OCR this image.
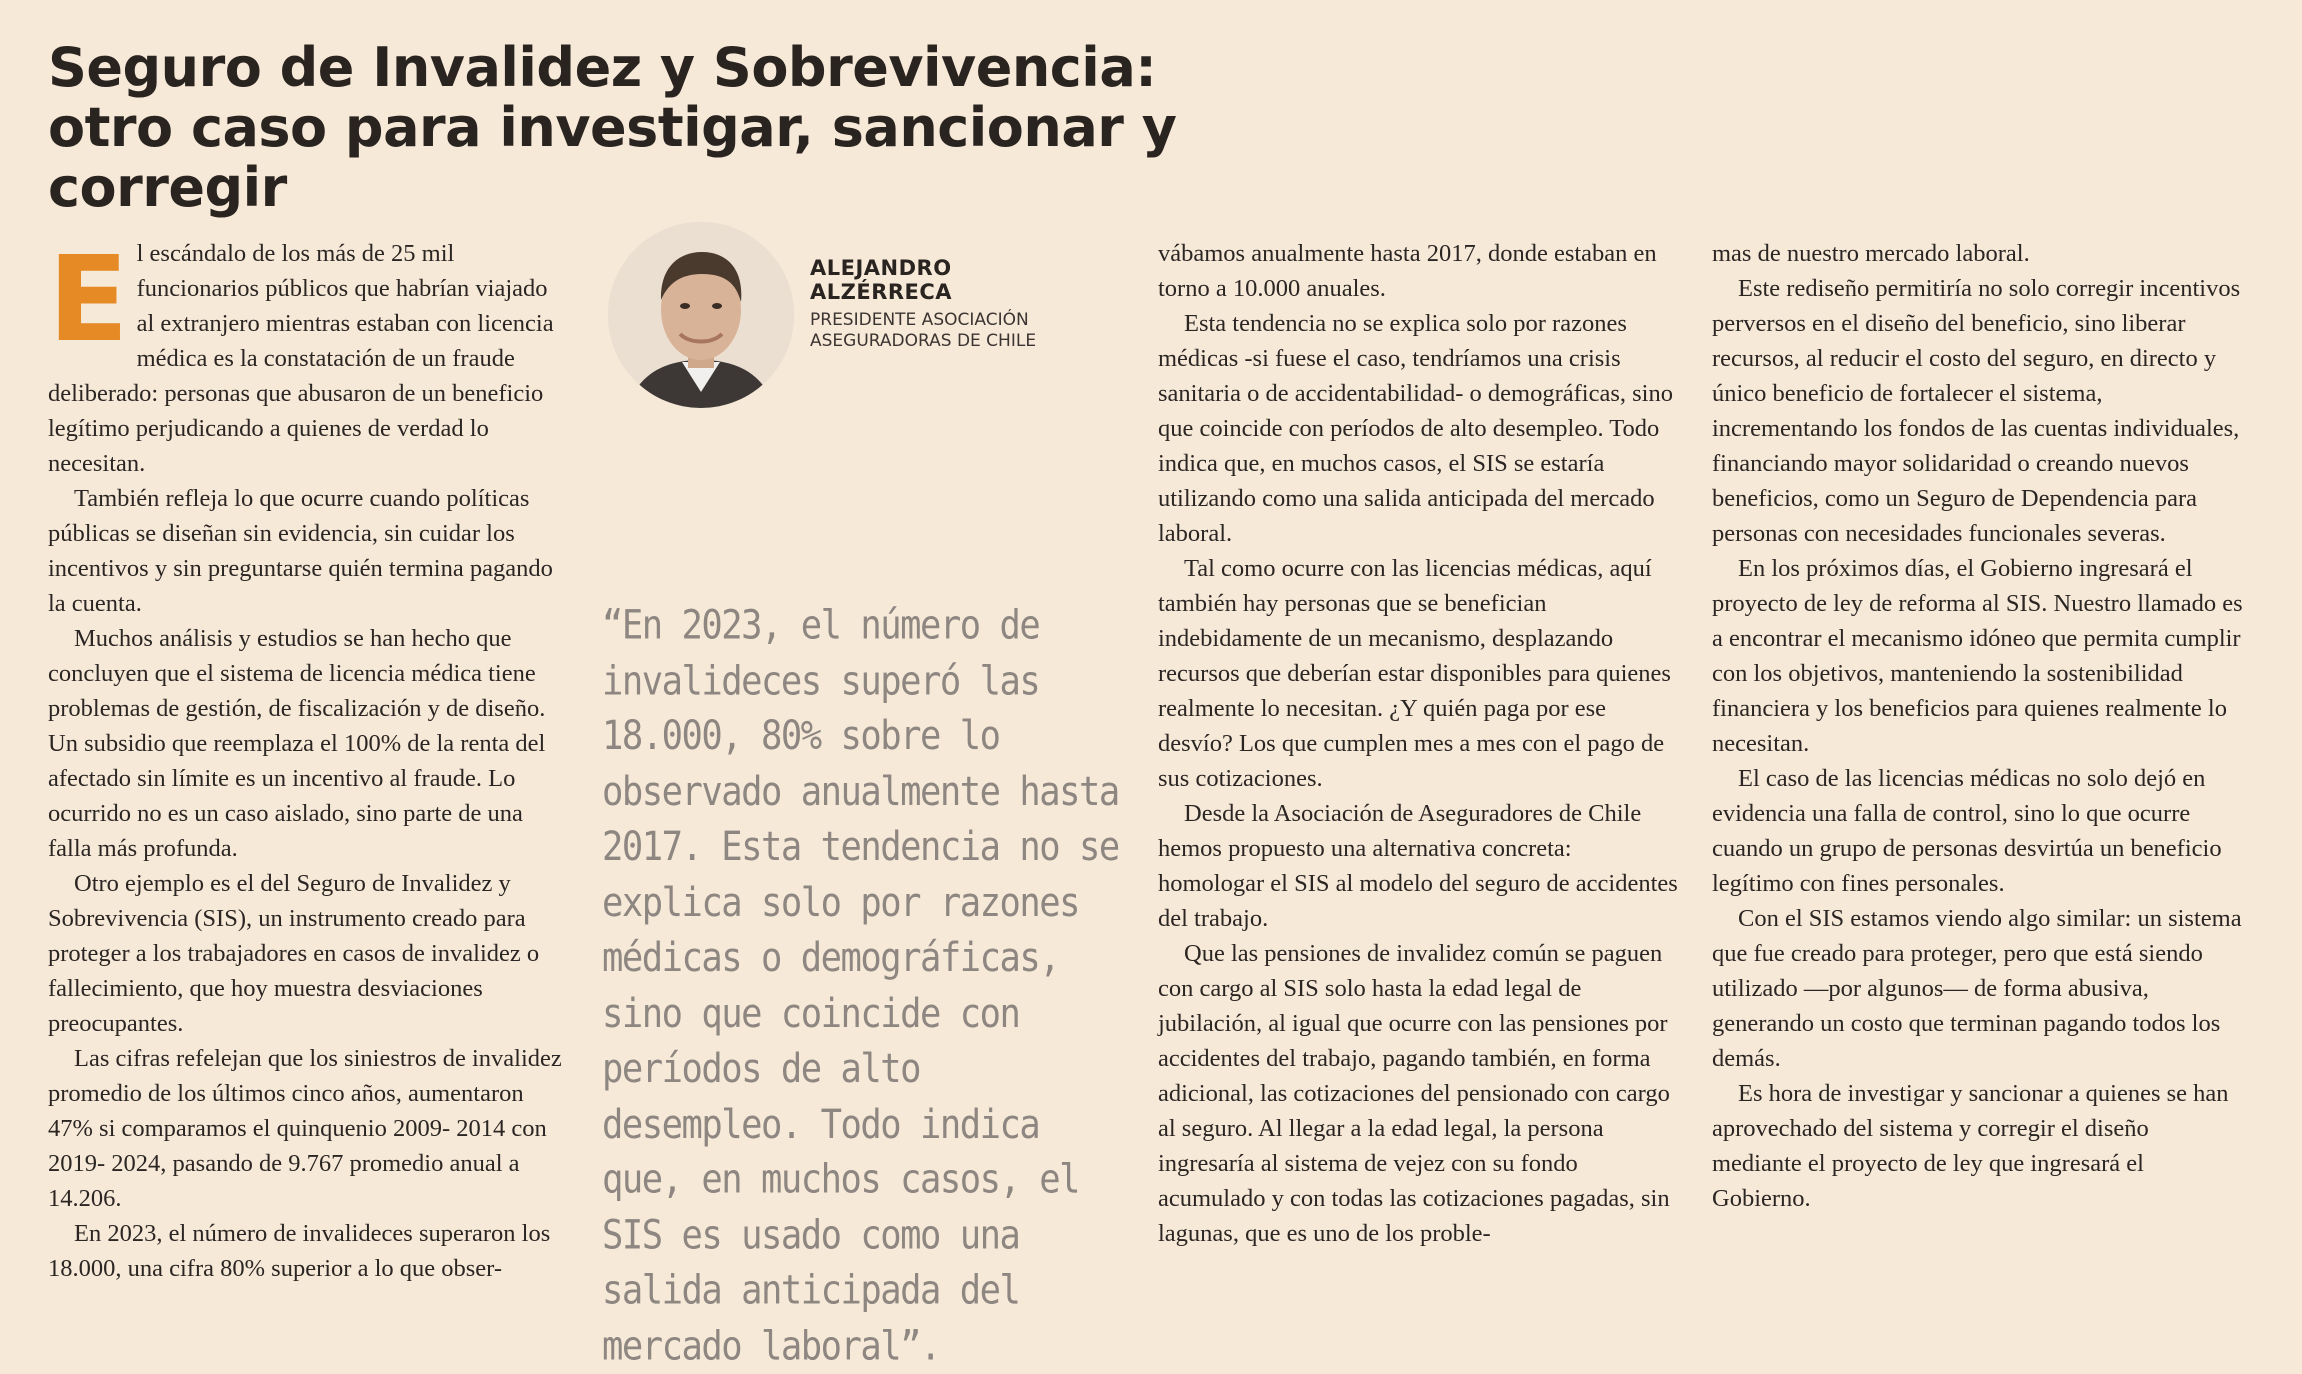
Seguro de Invalidez y Sobrevivencia: otro caso para investigar, sancionar y corregir
E l escándalo de los más de 25 mil funcionarios públicos que habrían viajado al extranjero mientras estaban con licencia médica es la constatación de un fraude deliberado: personas que abusaron de un beneficio legítimo perjudicando a quienes de verdad lo necesitan.

También refleja lo que ocurre cuando políticas públicas se diseñan sin evidencia, sin cuidar los incentivos y sin preguntarse quién termina pagando la cuenta.

Muchos análisis y estudios se han hecho que concluyen que el sistema de licencia médica tiene problemas de gestión, de fiscalización y de diseño. Un subsidio que reemplaza el 100% de la renta del afectado sin límite es un incentivo al fraude. Lo ocurrido no es un caso aislado, sino parte de una falla más profunda.

Otro ejemplo es el del Seguro de Invalidez y Sobrevivencia (SIS), un instrumento creado para proteger a los trabajadores en casos de invalidez o fallecimiento, que hoy muestra desviaciones preocupantes.

Las cifras refelejan que los siniestros de invalidez promedio de los últimos cinco años, aumentaron 47% si comparamos el quinquenio 2009- 2014 con 2019- 2024, pasando de 9.767 promedio anual a 14.206.

En 2023, el número de invalideces superaron los 18.000, una cifra 80% superior a lo que obser-

ALEJANDRO ALZÉRRECA
PRESIDENTE ASOCIACIÓN ASEGURADORAS DE CHILE
“En 2023, el número de invalideces superó las 18.000, 80% sobre lo observado anualmente hasta 2017. Esta tendencia no se explica solo por razones médicas o demográficas, sino que coincide con períodos de alto desempleo. Todo indica que, en muchos casos, el SIS es usado como una salida anticipada del mercado laboral”.

vábamos anualmente hasta 2017, donde estaban en torno a 10.000 anuales.

Esta tendencia no se explica solo por razones médicas -si fuese el caso, tendríamos una crisis sanitaria o de accidentabilidad- o demográficas, sino que coincide con períodos de alto desempleo. Todo indica que, en muchos casos, el SIS se estaría utilizando como una salida anticipada del mercado laboral.

Tal como ocurre con las licencias médicas, aquí también hay personas que se benefician indebidamente de un mecanismo, desplazando recursos que deberían estar disponibles para quienes realmente lo necesitan. ¿Y quién paga por ese desvío? Los que cumplen mes a mes con el pago de sus cotizaciones.

Desde la Asociación de Aseguradores de Chile hemos propuesto una alternativa concreta: homologar el SIS al modelo del seguro de accidentes del trabajo.

Que las pensiones de invalidez común se paguen con cargo al SIS solo hasta la edad legal de jubilación, al igual que ocurre con las pensiones por accidentes del trabajo, pagando también, en forma adicional, las cotizaciones del pensionado con cargo al seguro. Al llegar a la edad legal, la persona ingresaría al sistema de vejez con su fondo acumulado y con todas las cotizaciones pagadas, sin lagunas, que es uno de los proble-

mas de nuestro mercado laboral.

Este rediseño permitiría no solo corregir incentivos perversos en el diseño del beneficio, sino liberar recursos, al reducir el costo del seguro, en directo y único beneficio de fortalecer el sistema, incrementando los fondos de las cuentas individuales, financiando mayor solidaridad o creando nuevos beneficios, como un Seguro de Dependencia para personas con necesidades funcionales severas.

En los próximos días, el Gobierno ingresará el proyecto de ley de reforma al SIS. Nuestro llamado es a encontrar el mecanismo idóneo que permita cumplir con los objetivos, manteniendo la sostenibilidad financiera y los beneficios para quienes realmente lo necesitan.

El caso de las licencias médicas no solo dejó en evidencia una falla de control, sino lo que ocurre cuando un grupo de personas desvirtúa un beneficio legítimo con fines personales.

Con el SIS estamos viendo algo similar: un sistema que fue creado para proteger, pero que está siendo utilizado —por algunos— de forma abusiva, generando un costo que terminan pagando todos los demás.

Es hora de investigar y sancionar a quienes se han aprovechado del sistema y corregir el diseño mediante el proyecto de ley que ingresará el Gobierno.
